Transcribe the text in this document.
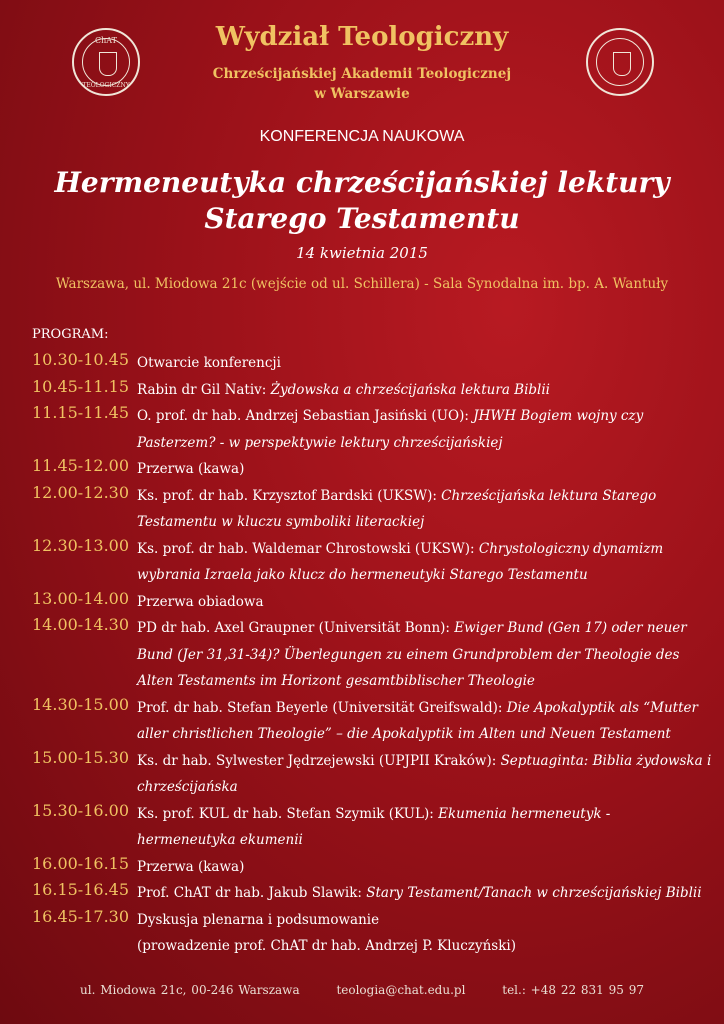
ChAT
TEOLOGICZNY
Wydział Teologiczny
Chrześcijańskiej Akademii Teologicznej
w Warszawie
KONFERENCJA NAUKOWA
Hermeneutyka chrześcijańskiej lektury
Starego Testamentu
14 kwietnia 2015
Warszawa, ul. Miodowa 21c (wejście od ul. Schillera) - Sala Synodalna im. bp. A. Wantuły
PROGRAM:
10.30-10.45 Otwarcie konferencji
10.45-11.15 Rabin dr Gil Nativ: Żydowska a chrześcijańska lektura Biblii
11.15-11.45 O. prof. dr hab. Andrzej Sebastian Jasiński (UO): JHWH Bogiem wojny czy Pasterzem? - w perspektywie lektury chrześcijańskiej
11.45-12.00 Przerwa (kawa)
12.00-12.30 Ks. prof. dr hab. Krzysztof Bardski (UKSW): Chrześcijańska lektura Starego Testamentu w kluczu symboliki literackiej
12.30-13.00 Ks. prof. dr hab. Waldemar Chrostowski (UKSW): Chrystologiczny dynamizm wybrania Izraela jako klucz do hermeneutyki Starego Testamentu
13.00-14.00 Przerwa obiadowa
14.00-14.30 PD dr hab. Axel Graupner (Universität Bonn): Ewiger Bund (Gen 17) oder neuer Bund (Jer 31,31-34)? Überlegungen zu einem Grundproblem der Theologie des Alten Testaments im Horizont gesamtbiblischer Theologie
14.30-15.00 Prof. dr hab. Stefan Beyerle (Universität Greifswald): Die Apokalyptik als “Mutter aller christlichen Theologie” – die Apokalyptik im Alten und Neuen Testament
15.00-15.30 Ks. dr hab. Sylwester Jędrzejewski (UPJPII Kraków): Septuaginta: Biblia żydowska i chrześcijańska
15.30-16.00 Ks. prof. KUL dr hab. Stefan Szymik (KUL): Ekumenia hermeneutyk - hermeneutyka ekumenii
16.00-16.15 Przerwa (kawa)
16.15-16.45 Prof. ChAT dr hab. Jakub Slawik: Stary Testament/Tanach w chrześcijańskiej Biblii
16.45-17.30 Dyskusja plenarna i podsumowanie
(prowadzenie prof. ChAT dr hab. Andrzej P. Kluczyński)
ul. Miodowa 21c, 00-246 Warszawa	teologia@chat.edu.pl	tel.: +48 22 831 95 97
